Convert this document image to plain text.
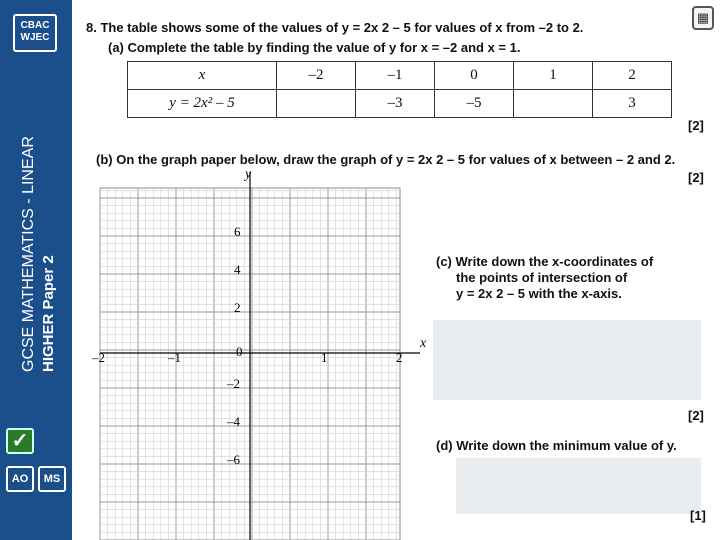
CBAC
WJEC
GCSE MATHEMATICS - LINEAR HIGHER Paper 2
✓
AO	MS
▦
8. The table shows some of the values of y = 2x 2 – 5 for values of x from –2 to 2.
(a) Complete the table by finding the value of y for x = –2 and x = 1.
x	–2	–1	0	1	2
y = 2x² – 5		–3	–5		3
[2]
(b) On the graph paper below, draw the graph of y = 2x 2 – 5 for values of x between – 2 and 2.
[2]
x
y
–2	–1	0	1	2
6
4
2
–2
–4
–6
(c) Write down the x-coordinates of
the points of intersection of
y = 2x 2 – 5 with the x-axis.
[2]
(d) Write down the minimum value of y.
[1]
